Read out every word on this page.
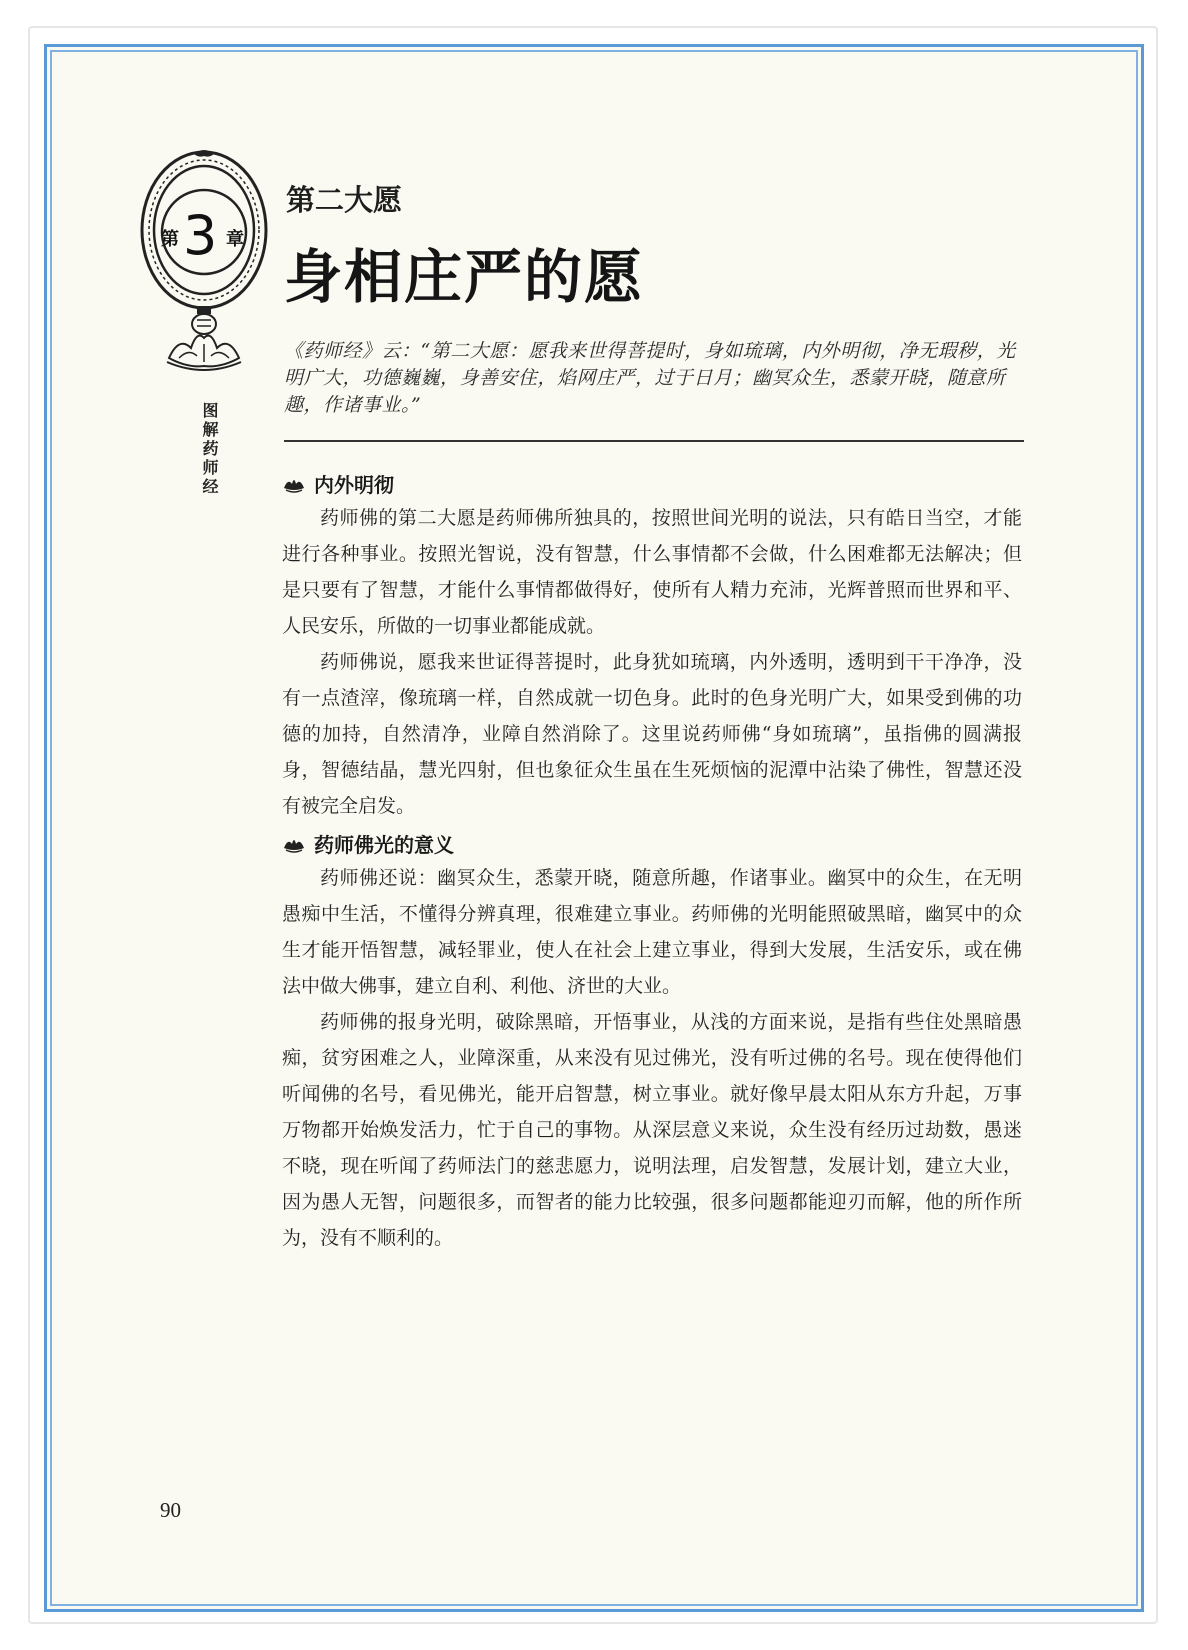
第 3 章
图解药师经
第二大愿
身相庄严的愿
《药师经》云：“第二大愿：愿我来世得菩提时，身如琉璃，内外明彻，净无瑕秽，光明广大，功德巍巍，身善安住，焰网庄严，过于日月；幽冥众生，悉蒙开晓，随意所趣，作诸事业。”
内外明彻

药师佛的第二大愿是药师佛所独具的，按照世间光明的说法，只有皓日当空，才能进行各种事业。按照光智说，没有智慧，什么事情都不会做，什么困难都无法解决；但是只要有了智慧，才能什么事情都做得好，使所有人精力充沛，光辉普照而世界和平、人民安乐，所做的一切事业都能成就。

药师佛说，愿我来世证得菩提时，此身犹如琉璃，内外透明，透明到干干净净，没有一点渣滓，像琉璃一样，自然成就一切色身。此时的色身光明广大，如果受到佛的功德的加持，自然清净，业障自然消除了。这里说药师佛“身如琉璃”，虽指佛的圆满报身，智德结晶，慧光四射，但也象征众生虽在生死烦恼的泥潭中沾染了佛性，智慧还没有被完全启发。

药师佛光的意义

药师佛还说：幽冥众生，悉蒙开晓，随意所趣，作诸事业。幽冥中的众生，在无明愚痴中生活，不懂得分辨真理，很难建立事业。药师佛的光明能照破黑暗，幽冥中的众生才能开悟智慧，减轻罪业，使人在社会上建立事业，得到大发展，生活安乐，或在佛法中做大佛事，建立自利、利他、济世的大业。

药师佛的报身光明，破除黑暗，开悟事业，从浅的方面来说，是指有些住处黑暗愚痴，贫穷困难之人，业障深重，从来没有见过佛光，没有听过佛的名号。现在使得他们听闻佛的名号，看见佛光，能开启智慧，树立事业。就好像早晨太阳从东方升起，万事万物都开始焕发活力，忙于自己的事物。从深层意义来说，众生没有经历过劫数，愚迷不晓，现在听闻了药师法门的慈悲愿力，说明法理，启发智慧，发展计划，建立大业，因为愚人无智，问题很多，而智者的能力比较强，很多问题都能迎刃而解，他的所作所为，没有不顺利的。

90
